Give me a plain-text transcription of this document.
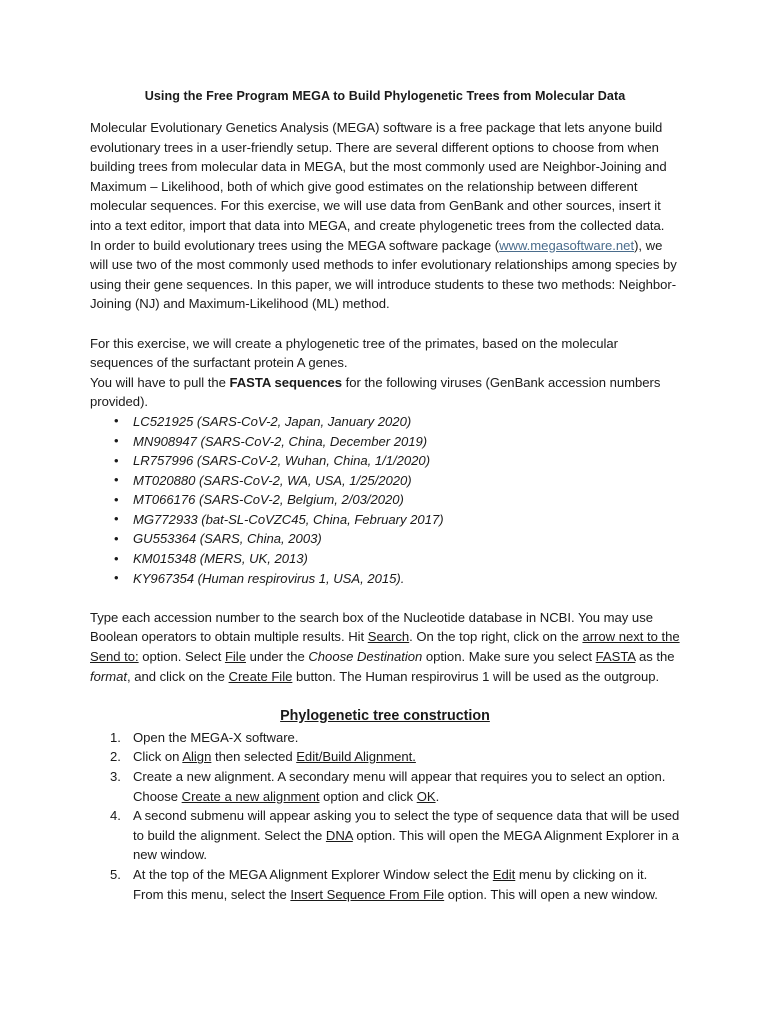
Using the Free Program MEGA to Build Phylogenetic Trees from Molecular Data

Molecular Evolutionary Genetics Analysis (MEGA) software is a free package that lets anyone build evolutionary trees in a user-friendly setup. There are several different options to choose from when building trees from molecular data in MEGA, but the most commonly used are Neighbor-Joining and Maximum – Likelihood, both of which give good estimates on the relationship between different molecular sequences. For this exercise, we will use data from GenBank and other sources, insert it into a text editor, import that data into MEGA, and create phylogenetic trees from the collected data.

In order to build evolutionary trees using the MEGA software package (www.megasoftware.net), we will use two of the most commonly used methods to infer evolutionary relationships among species by using their gene sequences. In this paper, we will introduce students to these two methods: Neighbor-Joining (NJ) and Maximum-Likelihood (ML) method.

For this exercise, we will create a phylogenetic tree of the primates, based on the molecular sequences of the surfactant protein A genes.

You will have to pull the FASTA sequences for the following viruses (GenBank accession numbers provided).

• LC521925 (SARS-CoV-2, Japan, January 2020)
• MN908947 (SARS-CoV-2, China, December 2019)
• LR757996 (SARS-CoV-2, Wuhan, China, 1/1/2020)
• MT020880 (SARS-CoV-2, WA, USA, 1/25/2020)
• MT066176 (SARS-CoV-2, Belgium, 2/03/2020)
• MG772933 (bat-SL-CoVZC45, China, February 2017)
• GU553364 (SARS, China, 2003)
• KM015348 (MERS, UK, 2013)
• KY967354 (Human respirovirus 1, USA, 2015).

Type each accession number to the search box of the Nucleotide database in NCBI. You may use Boolean operators to obtain multiple results. Hit Search. On the top right, click on the arrow next to the Send to: option. Select File under the Choose Destination option. Make sure you select FASTA as the format, and click on the Create File button. The Human respirovirus 1 will be used as the outgroup.

Phylogenetic tree construction
Open the MEGA-X software.
Click on Align then selected Edit/Build Alignment.
Create a new alignment. A secondary menu will appear that requires you to select an option. Choose Create a new alignment option and click OK.
A second submenu will appear asking you to select the type of sequence data that will be used to build the alignment. Select the DNA option. This will open the MEGA Alignment Explorer in a new window.
At the top of the MEGA Alignment Explorer Window select the Edit menu by clicking on it. From this menu, select the Insert Sequence From File option. This will open a new window.
